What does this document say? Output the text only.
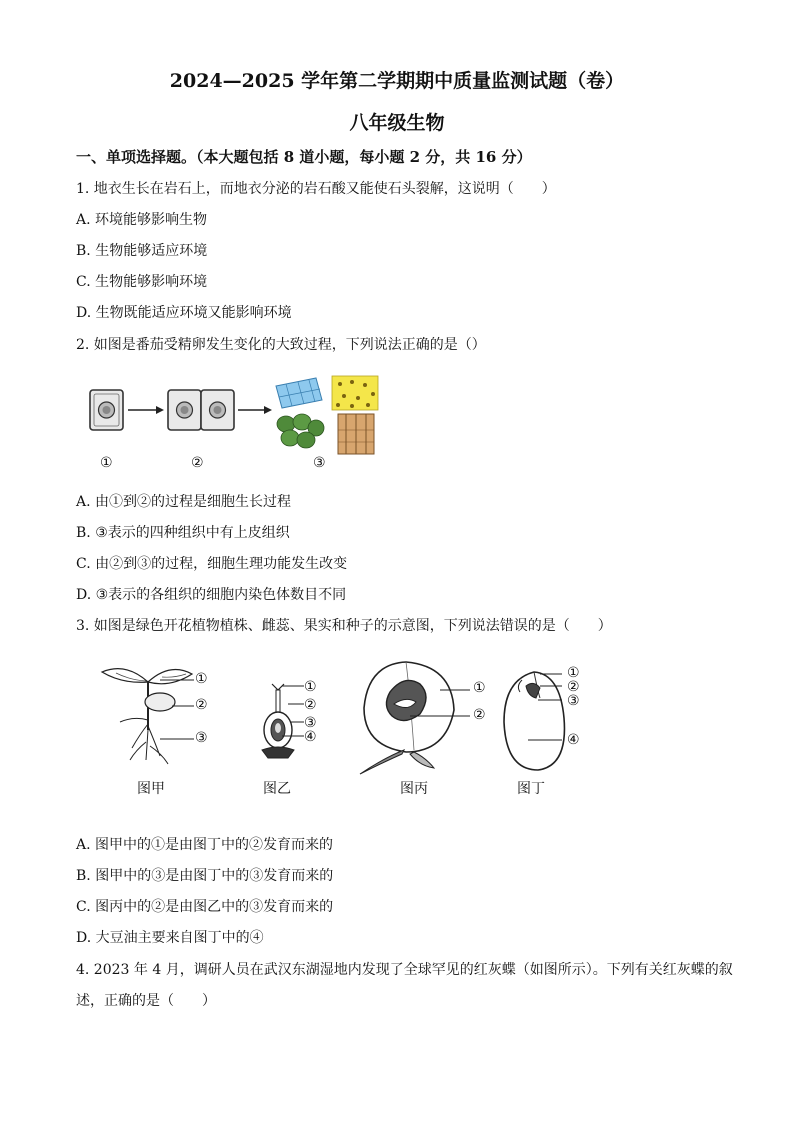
2024—2025 学年第二学期期中质量监测试题（卷）
八年级生物
一、单项选择题。（本大题包括 8 道小题，每小题 2 分，共 16 分）
1. 地衣生长在岩石上，而地衣分泌的岩石酸又能使石头裂解，这说明（　　）
A. 环境能够影响生物
B. 生物能够适应环境
C. 生物能够影响环境
D. 生物既能适应环境又能影响环境
2. 如图是番茄受精卵发生变化的大致过程，下列说法正确的是（）
①	②	③
A. 由①到②的过程是细胞生长过程
B. ③表示的四种组织中有上皮组织
C. 由②到③的过程，细胞生理功能发生改变
D. ③表示的各组织的细胞内染色体数目不同
3. 如图是绿色开花植物植株、雌蕊、果实和种子的示意图，下列说法错误的是（　　）
①
②
③
①
②
③
④
①
②
①
②
③
④
图甲	图乙	图丙	图丁
A. 图甲中的①是由图丁中的②发育而来的
B. 图甲中的③是由图丁中的③发育而来的
C. 图丙中的②是由图乙中的③发育而来的
D. 大豆油主要来自图丁中的④
4. 2023 年 4 月，调研人员在武汉东湖湿地内发现了全球罕见的红灰蝶（如图所示）。下列有关红灰蝶的叙
述，正确的是（　　）
